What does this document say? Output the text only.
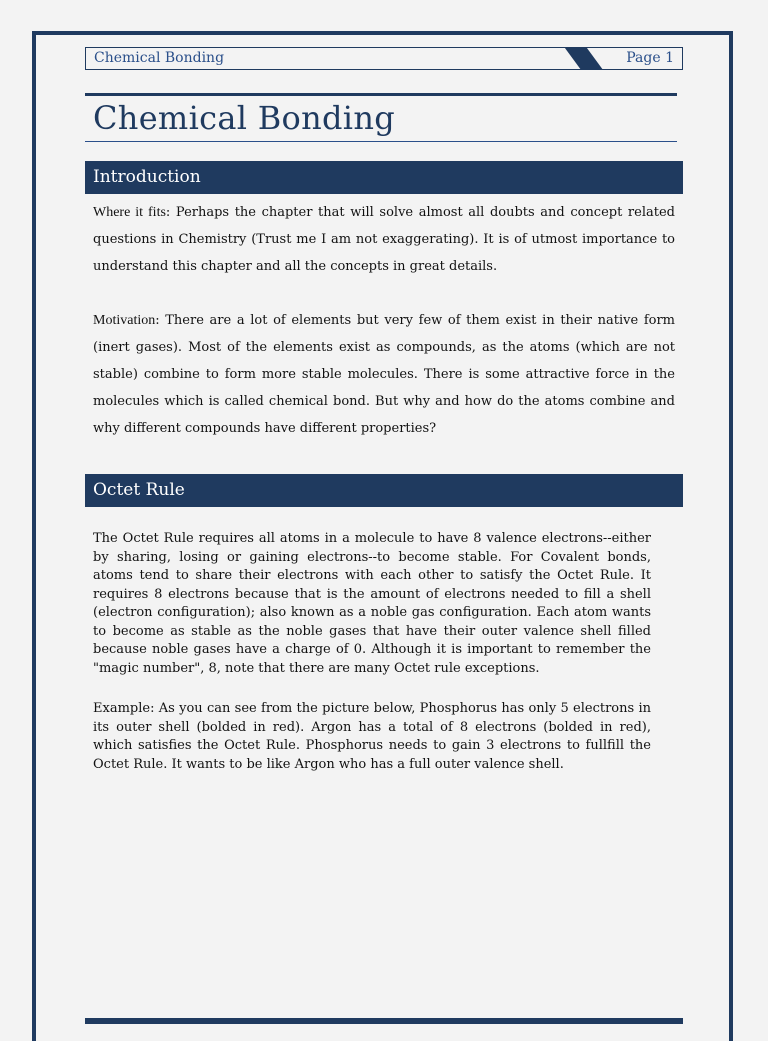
Chemical Bonding	Page 1
Chemical Bonding
Introduction
Where it fits: Perhaps the chapter that will solve almost all doubts and concept related questions in Chemistry (Trust me I am not exaggerating). It is of utmost importance to understand this chapter and all the concepts in great details.
Motivation: There are a lot of elements but very few of them exist in their native form (inert gases). Most of the elements exist as compounds, as the atoms (which are not stable) combine to form more stable molecules. There is some attractive force in the molecules which is called chemical bond. But why and how do the atoms combine and why different compounds have different properties?
Octet Rule
The Octet Rule requires all atoms in a molecule to have 8 valence electrons--either by sharing, losing or gaining electrons--to become stable. For Covalent bonds, atoms tend to share their electrons with each other to satisfy the Octet Rule. It requires 8 electrons because that is the amount of electrons needed to fill a shell (electron configuration); also known as a noble gas configuration. Each atom wants to become as stable as the noble gases that have their outer valence shell filled because noble gases have a charge of 0. Although it is important to remember the "magic number", 8, note that there are many Octet rule exceptions.
Example: As you can see from the picture below, Phosphorus has only 5 electrons in its outer shell (bolded in red). Argon has a total of 8 electrons (bolded in red), which satisfies the Octet Rule. Phosphorus needs to gain 3 electrons to fullfill the Octet Rule. It wants to be like Argon who has a full outer valence shell.
